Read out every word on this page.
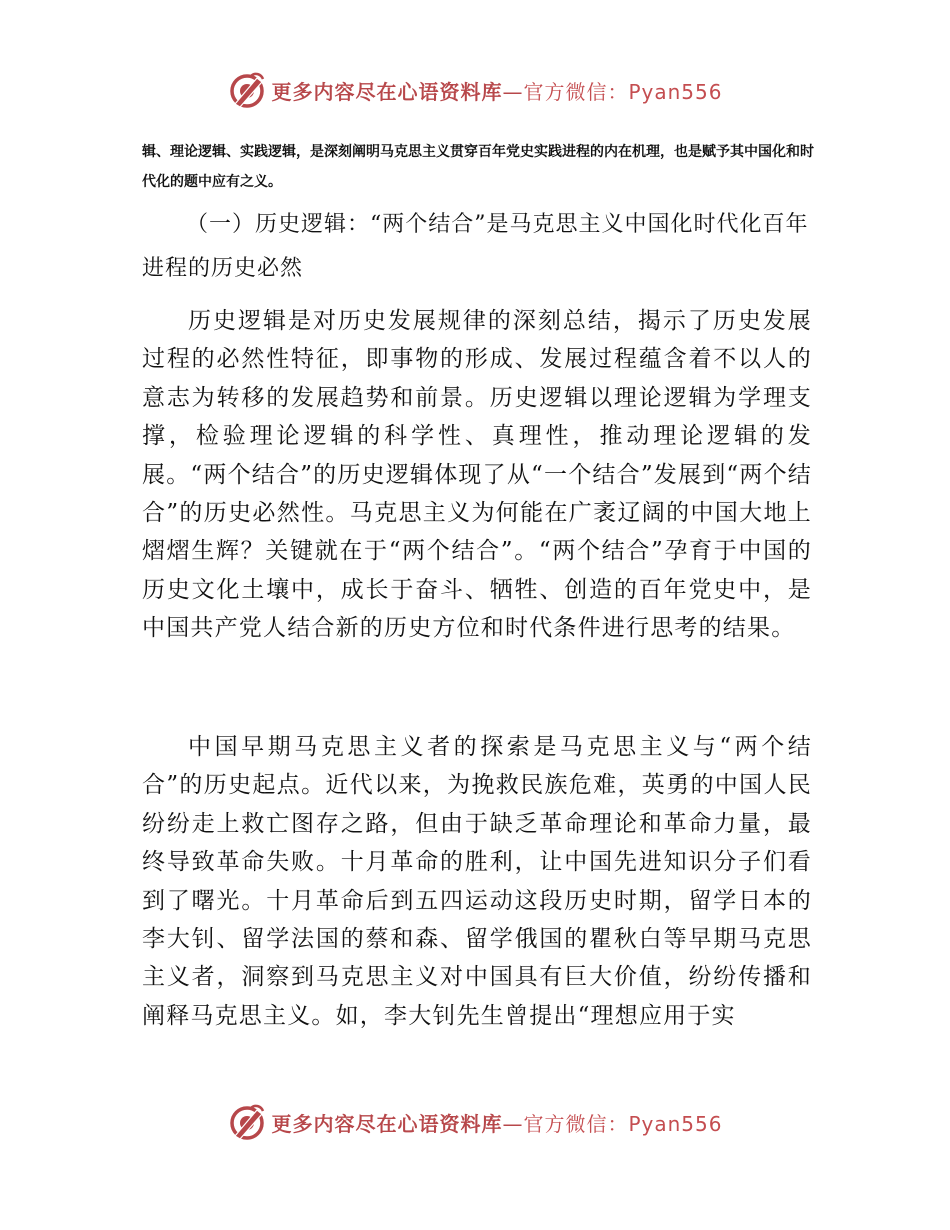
更多内容尽在心语资料库—官方微信：Pyan556

辑、理论逻辑、实践逻辑，是深刻阐明马克思主义贯穿百年党史实践进程的内在机理，也是赋予其中国化和时代化的题中应有之义。

（一）历史逻辑：“两个结合”是马克思主义中国化时代化百年进程的历史必然

历史逻辑是对历史发展规律的深刻总结，揭示了历史发展过程的必然性特征，即事物的形成、发展过程蕴含着不以人的意志为转移的发展趋势和前景。历史逻辑以理论逻辑为学理支撑，检验理论逻辑的科学性、真理性，推动理论逻辑的发展。“两个结合”的历史逻辑体现了从“一个结合”发展到“两个结合”的历史必然性。马克思主义为何能在广袤辽阔的中国大地上熠熠生辉？关键就在于“两个结合”。“两个结合”孕育于中国的历史文化土壤中，成长于奋斗、牺牲、创造的百年党史中，是中国共产党人结合新的历史方位和时代条件进行思考的结果。

中国早期马克思主义者的探索是马克思主义与“两个结合”的历史起点。近代以来，为挽救民族危难，英勇的中国人民纷纷走上救亡图存之路，但由于缺乏革命理论和革命力量，最终导致革命失败。十月革命的胜利，让中国先进知识分子们看到了曙光。十月革命后到五四运动这段历史时期，留学日本的李大钊、留学法国的蔡和森、留学俄国的瞿秋白等早期马克思主义者，洞察到马克思主义对中国具有巨大价值，纷纷传播和阐释马克思主义。如，李大钊先生曾提出“理想应用于实

更多内容尽在心语资料库—官方微信：Pyan556
